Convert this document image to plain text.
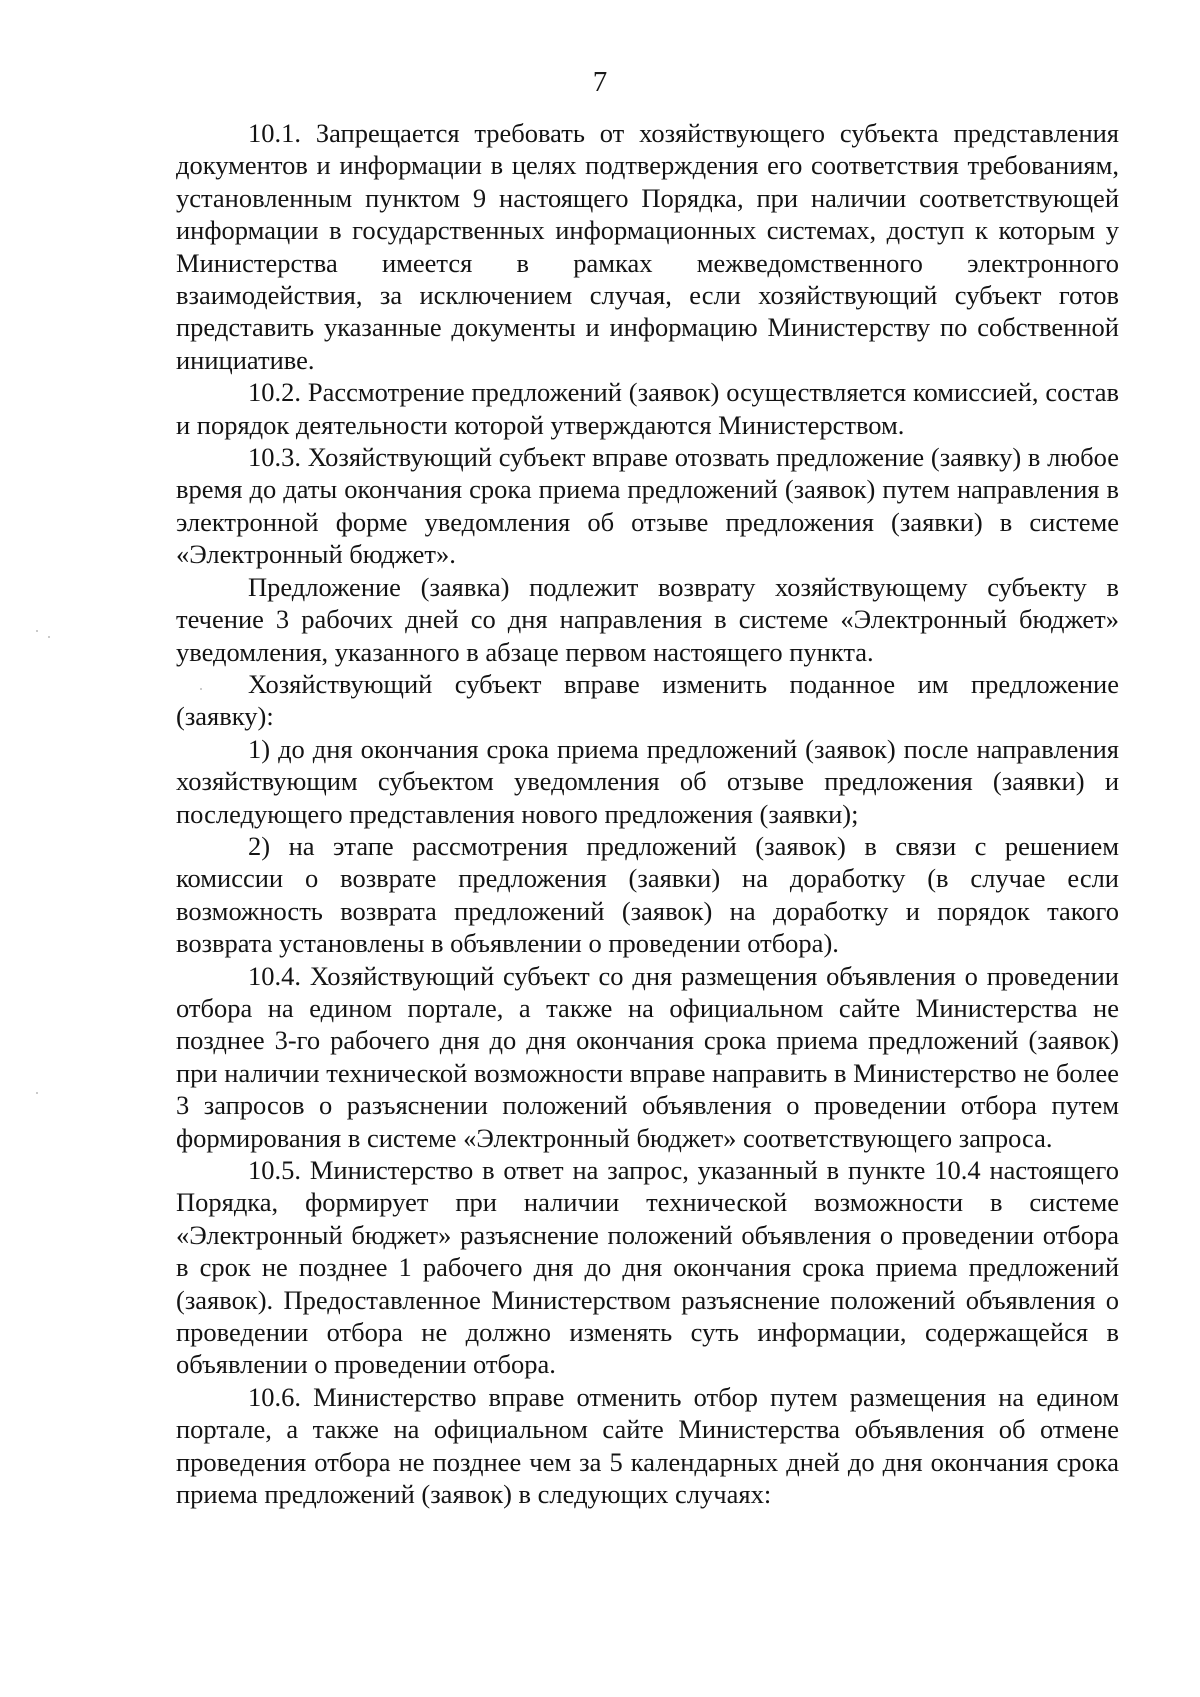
7

10.1. Запрещается требовать от хозяйствующего субъекта представления документов и информации в целях подтверждения его соответствия требованиям, установленным пунктом 9 настоящего Порядка, при наличии соответствующей информации в государственных информационных системах, доступ к которым у Министерства имеется в рамках межведомственного электронного взаимодействия, за исключением случая, если хозяйствующий субъект готов представить указанные документы и информацию Министерству по собственной инициативе.

10.2. Рассмотрение предложений (заявок) осуществляется комиссией, состав и порядок деятельности которой утверждаются Министерством.

10.3. Хозяйствующий субъект вправе отозвать предложение (заявку) в любое время до даты окончания срока приема предложений (заявок) путем направления в электронной форме уведомления об отзыве предложения (заявки) в системе «Электронный бюджет».

Предложение (заявка) подлежит возврату хозяйствующему субъекту в течение 3 рабочих дней со дня направления в системе «Электронный бюджет» уведомления, указанного в абзаце первом настоящего пункта.

Хозяйствующий субъект вправе изменить поданное им предложение (заявку):

1) до дня окончания срока приема предложений (заявок) после направления хозяйствующим субъектом уведомления об отзыве предложения (заявки) и последующего представления нового предложения (заявки);

2) на этапе рассмотрения предложений (заявок) в связи с решением комиссии о возврате предложения (заявки) на доработку (в случае если возможность возврата предложений (заявок) на доработку и порядок такого возврата установлены в объявлении о проведении отбора).

10.4. Хозяйствующий субъект со дня размещения объявления о проведении отбора на едином портале, а также на официальном сайте Министерства не позднее 3-го рабочего дня до дня окончания срока приема предложений (заявок) при наличии технической возможности вправе направить в Министерство не более 3 запросов о разъяснении положений объявления о проведении отбора путем формирования в системе «Электронный бюджет» соответствующего запроса.

10.5. Министерство в ответ на запрос, указанный в пункте 10.4 настоящего Порядка, формирует при наличии технической возможности в системе «Электронный бюджет» разъяснение положений объявления о проведении отбора в срок не позднее 1 рабочего дня до дня окончания срока приема предложений (заявок). Предоставленное Министерством разъяснение положений объявления о проведении отбора не должно изменять суть информации, содержащейся в объявлении о проведении отбора.

10.6. Министерство вправе отменить отбор путем размещения на едином портале, а также на официальном сайте Министерства объявления об отмене проведения отбора не позднее чем за 5 календарных дней до дня окончания срока приема предложений (заявок) в следующих случаях:
